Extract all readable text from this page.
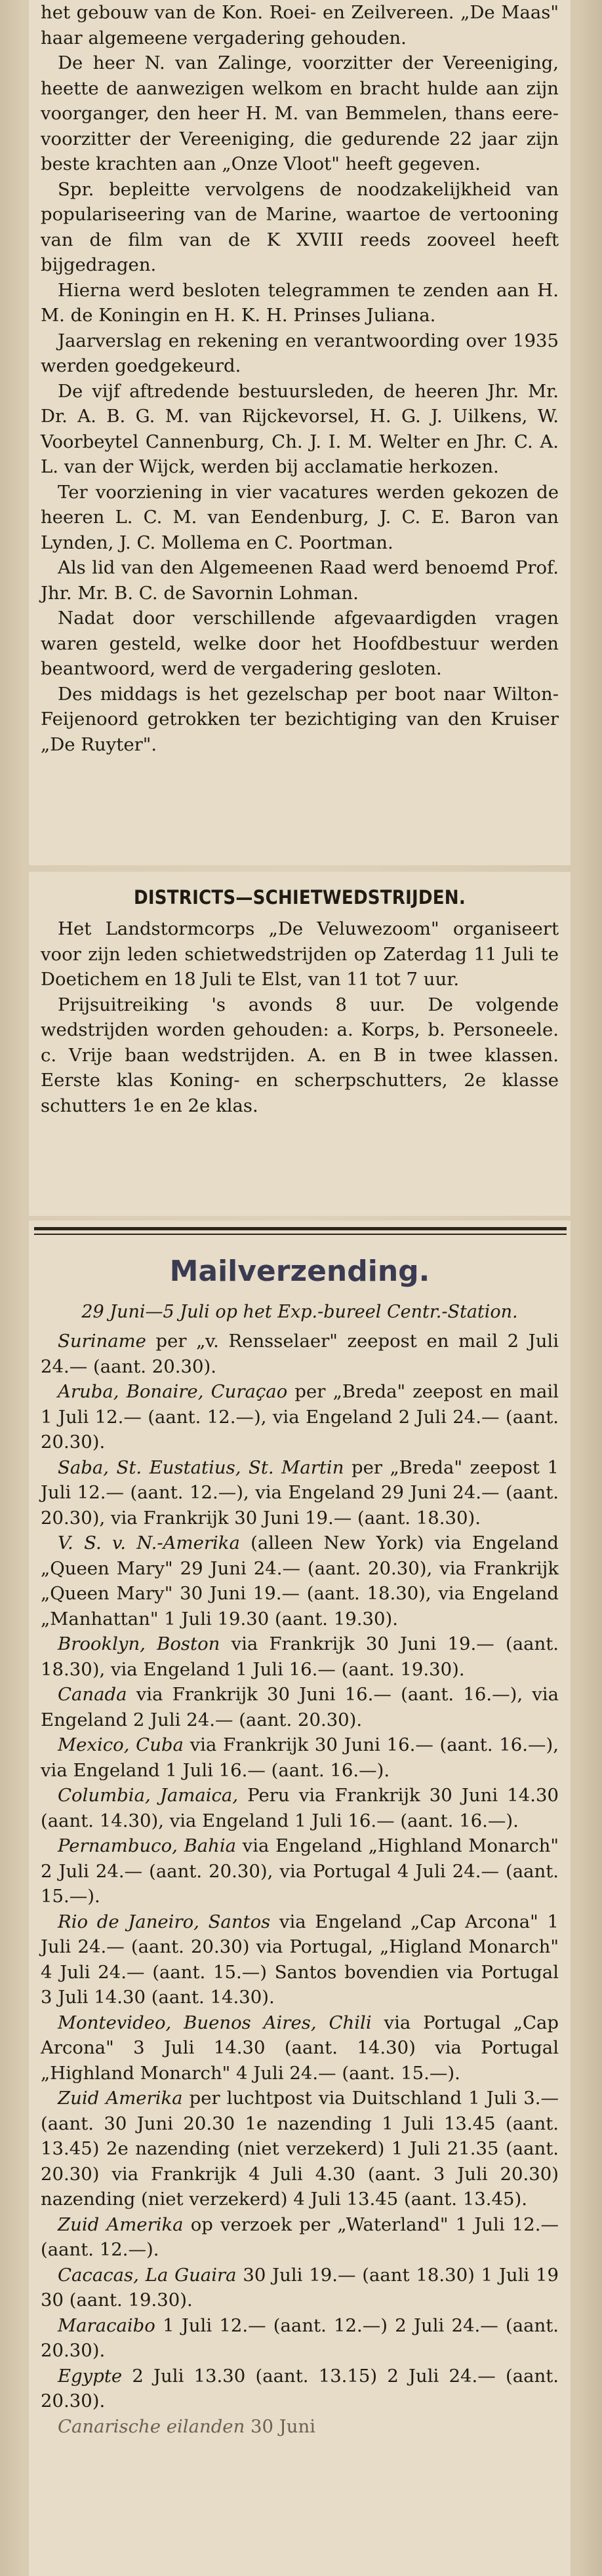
het gebouw van de Kon. Roei- en Zeilvereen. „De Maas" haar algemeene vergadering gehouden.

De heer N. van Zalinge, voorzitter der Vereeniging, heette de aanwezigen welkom en bracht hulde aan zijn voorganger, den heer H. M. van Bemmelen, thans eere-voorzitter der Vereeniging, die gedurende 22 jaar zijn beste krachten aan „Onze Vloot" heeft gegeven.

Spr. bepleitte vervolgens de noodzakelijkheid van populariseering van de Marine, waartoe de vertooning van de film van de K XVIII reeds zooveel heeft bijgedragen.

Hierna werd besloten telegrammen te zenden aan H. M. de Koningin en H. K. H. Prinses Juliana.

Jaarverslag en rekening en verantwoording over 1935 werden goedgekeurd.

De vijf aftredende bestuursleden, de heeren Jhr. Mr. Dr. A. B. G. M. van Rijckevorsel, H. G. J. Uilkens, W. Voorbeytel Cannenburg, Ch. J. I. M. Welter en Jhr. C. A. L. van der Wijck, werden bij acclamatie herkozen.

Ter voorziening in vier vacatures werden gekozen de heeren L. C. M. van Eendenburg, J. C. E. Baron van Lynden, J. C. Mollema en C. Poortman.

Als lid van den Algemeenen Raad werd benoemd Prof. Jhr. Mr. B. C. de Savornin Lohman.

Nadat door verschillende afgevaardigden vragen waren gesteld, welke door het Hoofdbestuur werden beantwoord, werd de vergadering gesloten.

Des middags is het gezelschap per boot naar Wilton-Feijenoord getrokken ter bezichtiging van den Kruiser „De Ruyter".

DISTRICTS—SCHIETWEDSTRIJDEN.

Het Landstormcorps „De Veluwezoom" organiseert voor zijn leden schietwedstrijden op Zaterdag 11 Juli te Doetichem en 18 Juli te Elst, van 11 tot 7 uur.

Prijsuitreiking 's avonds 8 uur. De volgende wedstrijden worden gehouden: a. Korps, b. Personeele. c. Vrije baan wedstrijden. A. en B in twee klassen. Eerste klas Koning- en scherpschutters, 2e klasse schutters 1e en 2e klas.

Mailverzending.

29 Juni—5 Juli op het Exp.-bureel Centr.-Station.

Suriname per „v. Rensselaer" zeepost en mail 2 Juli 24.— (aant. 20.30).

Aruba, Bonaire, Curaçao per „Breda" zeepost en mail 1 Juli 12.— (aant. 12.—), via Engeland 2 Juli 24.— (aant. 20.30).

Saba, St. Eustatius, St. Martin per „Breda" zeepost 1 Juli 12.— (aant. 12.—), via Engeland 29 Juni 24.— (aant. 20.30), via Frankrijk 30 Juni 19.— (aant. 18.30).

V. S. v. N.-Amerika (alleen New York) via Engeland „Queen Mary" 29 Juni 24.— (aant. 20.30), via Frankrijk „Queen Mary" 30 Juni 19.— (aant. 18.30), via Engeland „Manhattan" 1 Juli 19.30 (aant. 19.30).

Brooklyn, Boston via Frankrijk 30 Juni 19.— (aant. 18.30), via Engeland 1 Juli 16.— (aant. 19.30).

Canada via Frankrijk 30 Juni 16.— (aant. 16.—), via Engeland 2 Juli 24.— (aant. 20.30).

Mexico, Cuba via Frankrijk 30 Juni 16.— (aant. 16.—), via Engeland 1 Juli 16.— (aant. 16.—).

Columbia, Jamaica, Peru via Frankrijk 30 Juni 14.30 (aant. 14.30), via Engeland 1 Juli 16.— (aant. 16.—).

Pernambuco, Bahia via Engeland „Highland Monarch" 2 Juli 24.— (aant. 20.30), via Portugal 4 Juli 24.— (aant. 15.—).

Rio de Janeiro, Santos via Engeland „Cap Arcona" 1 Juli 24.— (aant. 20.30) via Portugal, „Higland Monarch" 4 Juli 24.— (aant. 15.—) Santos bovendien via Portugal 3 Juli 14.30 (aant. 14.30).

Montevideo, Buenos Aires, Chili via Portugal „Cap Arcona" 3 Juli 14.30 (aant. 14.30) via Portugal „Highland Monarch" 4 Juli 24.— (aant. 15.—).

Zuid Amerika per luchtpost via Duitschland 1 Juli 3.— (aant. 30 Juni 20.30 1e nazending 1 Juli 13.45 (aant. 13.45) 2e nazending (niet verzekerd) 1 Juli 21.35 (aant. 20.30) via Frankrijk 4 Juli 4.30 (aant. 3 Juli 20.30) nazending (niet verzekerd) 4 Juli 13.45 (aant. 13.45).

Zuid Amerika op verzoek per „Waterland" 1 Juli 12.— (aant. 12.—).

Cacacas, La Guaira 30 Juli 19.— (aant 18.30) 1 Juli 19 30 (aant. 19.30).

Maracaibo 1 Juli 12.— (aant. 12.—) 2 Juli 24.— (aant. 20.30).

Egypte 2 Juli 13.30 (aant. 13.15) 2 Juli 24.— (aant. 20.30).

Canarische eilanden 30 Juni
